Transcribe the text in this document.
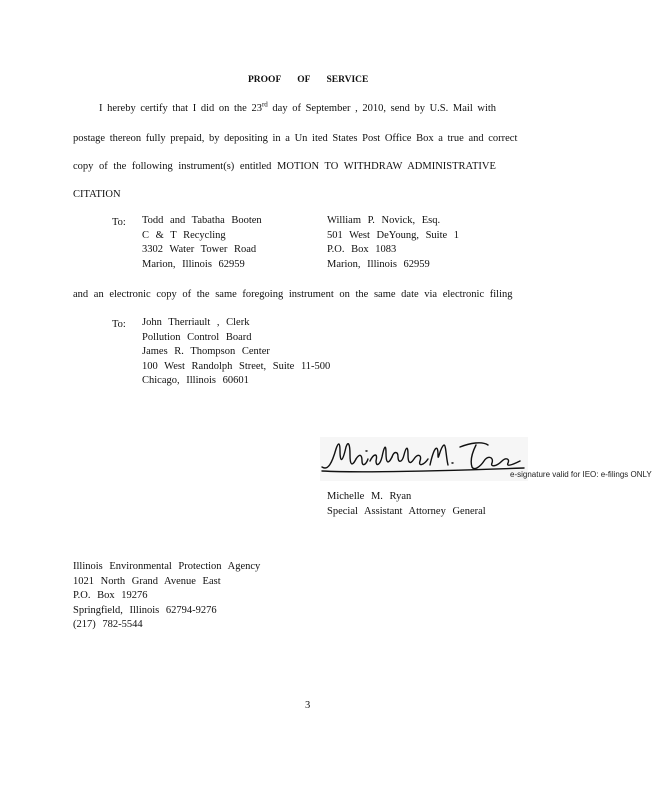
PROOF OF SERVICE
I hereby certify that I did on the 23rd day of September , 2010, send by U.S. Mail with
postage thereon fully prepaid, by depositing in a Un ited States Post Office Box a true and correct
copy of the following instrument(s) entitled MOTION TO WITHDRAW ADMINISTRATIVE
CITATION
To: Todd and Tabatha Booten
C & T Recycling
3302 Water Tower Road
Marion, Illinois 62959
William P. Novick, Esq.
501 West DeYoung, Suite 1
P.O. Box 1083
Marion, Illinois 62959
and an electronic copy of the same foregoing instrument on the same date via electronic filing
To: John Therriault , Clerk
Pollution Control Board
James R. Thompson Center
100 West Randolph Street, Suite 11-500
Chicago, Illinois 60601
e-signature valid for IEO: e-filings ONLY
Michelle M. Ryan
Special Assistant Attorney General
Illinois Environmental Protection Agency
1021 North Grand Avenue East
P.O. Box 19276
Springfield, Illinois 62794-9276
(217) 782-5544
3
